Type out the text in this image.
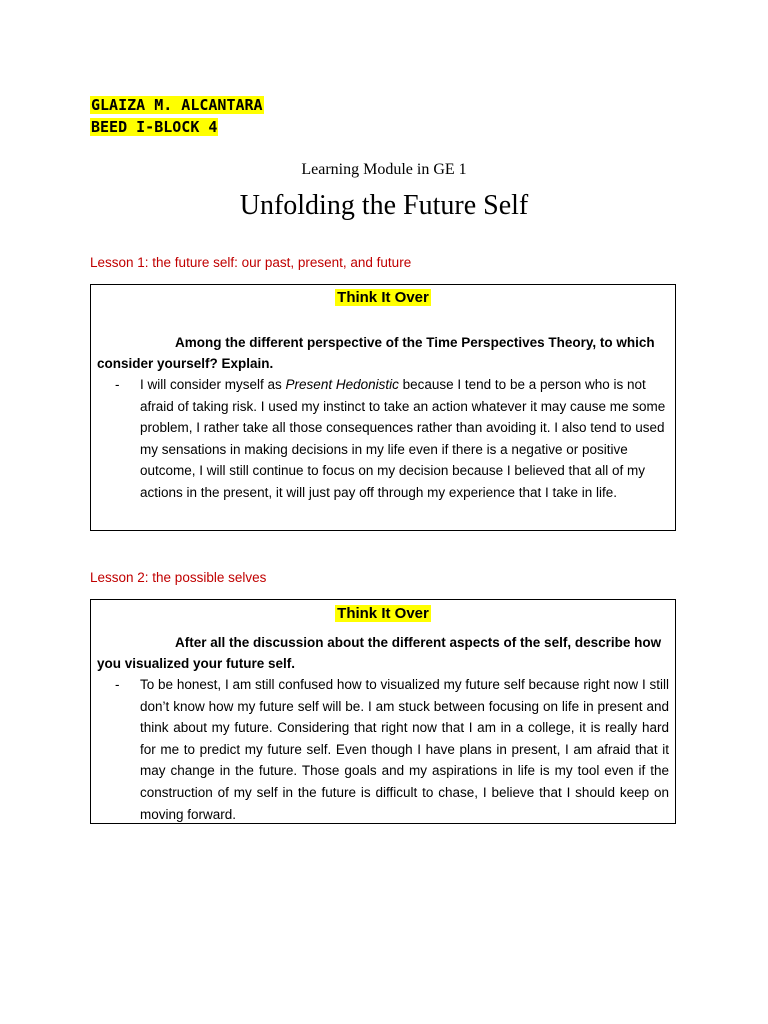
GLAIZA M. ALCANTARA
BEED I-BLOCK 4
Learning Module in GE 1
Unfolding the Future Self
Lesson 1: the future self: our past, present, and future
Think It Over
Among the different perspective of the Time Perspectives Theory, to which consider yourself? Explain.
-	I will consider myself as Present Hedonistic because I tend to be a person who is not afraid of taking risk. I used my instinct to take an action whatever it may cause me some problem, I rather take all those consequences rather than avoiding it. I also tend to used my sensations in making decisions in my life even if there is a negative or positive outcome, I will still continue to focus on my decision because I believed that all of my actions in the present, it will just pay off through my experience that I take in life.
Lesson 2: the possible selves
Think It Over
After all the discussion about the different aspects of the self, describe how you visualized your future self.
-	To be honest, I am still confused how to visualized my future self because right now I still don’t know how my future self will be. I am stuck between focusing on life in present and think about my future. Considering that right now that I am in a college, it is really hard for me to predict my future self. Even though I have plans in present, I am afraid that it may change in the future. Those goals and my aspirations in life is my tool even if the construction of my self in the future is difficult to chase, I believe that I should keep on moving forward.
